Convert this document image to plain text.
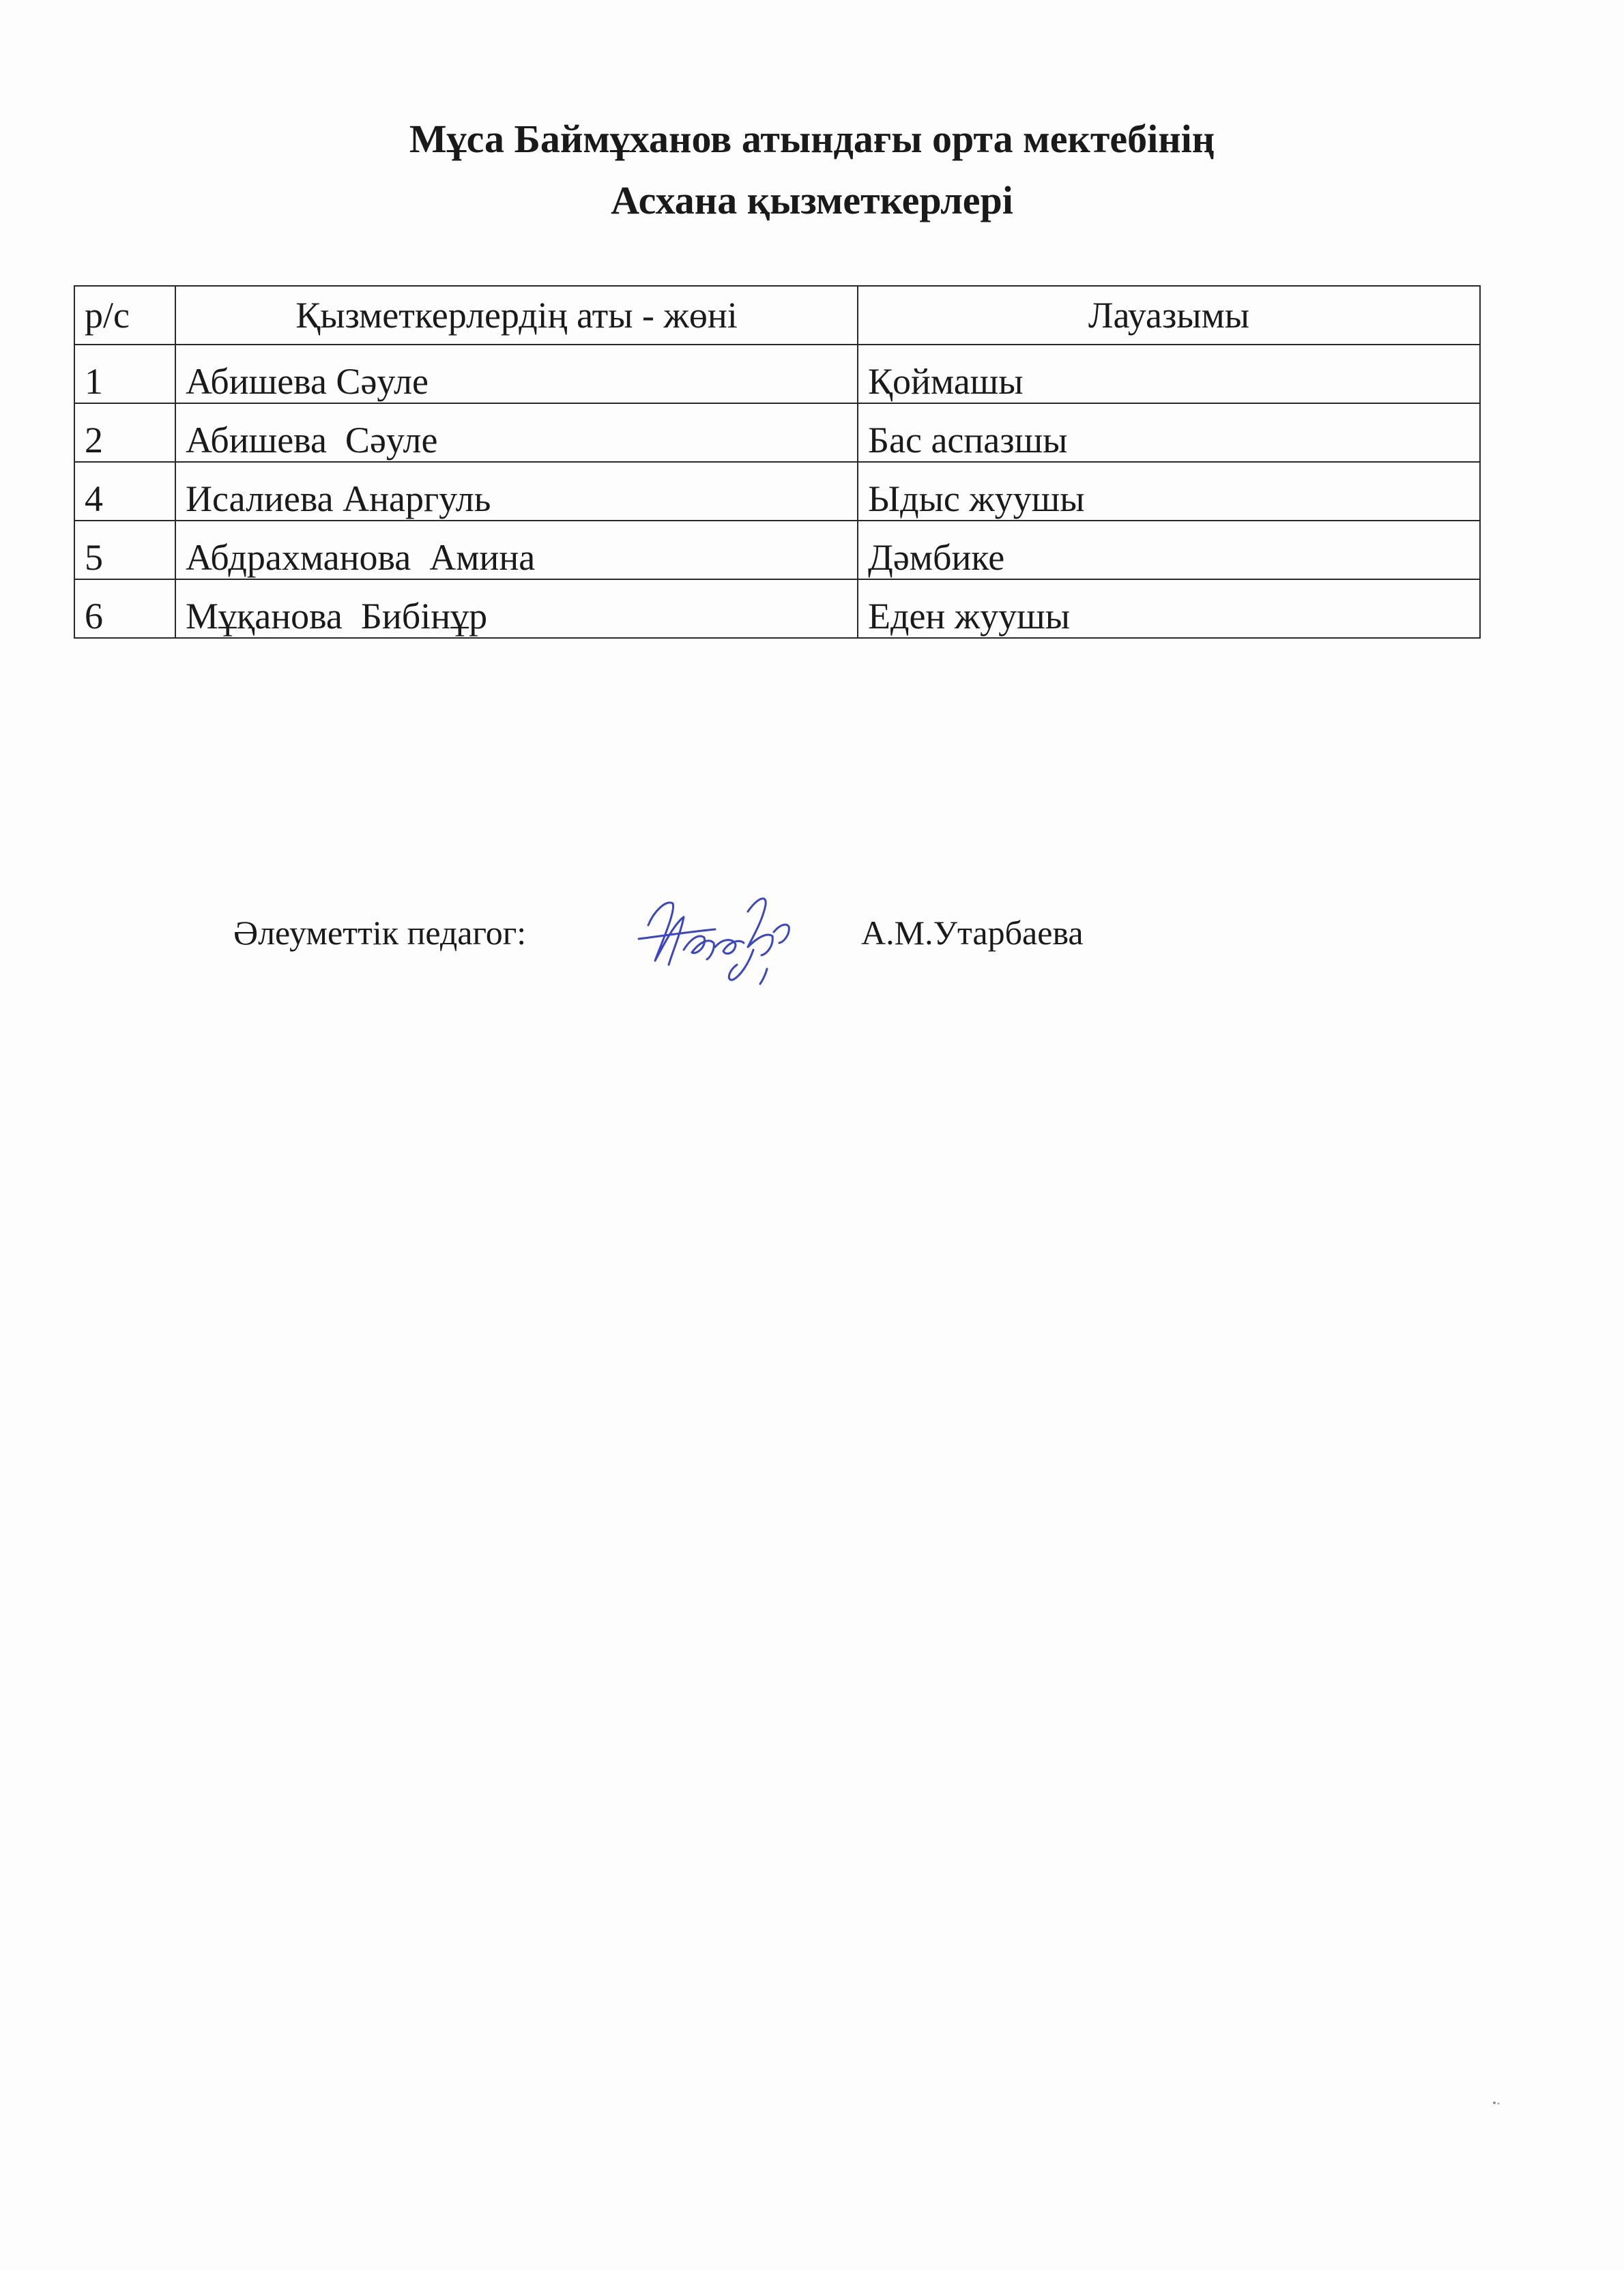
Мұса Баймұханов атындағы орта мектебінің
Асхана қызметкерлері
р/с	Қызметкерлердің аты - жөні	Лауазымы
1	Абишева Сәуле	Қоймашы
2	Абишева  Сәуле	Бас аспазшы
4	Исалиева Анаргуль	Ыдыс жуушы
5	Абдрахманова  Амина	Дәмбике
6	Мұқанова  Бибінұр	Еден жуушы
Әлеуметтік педагог:	А.М.Утарбаева
